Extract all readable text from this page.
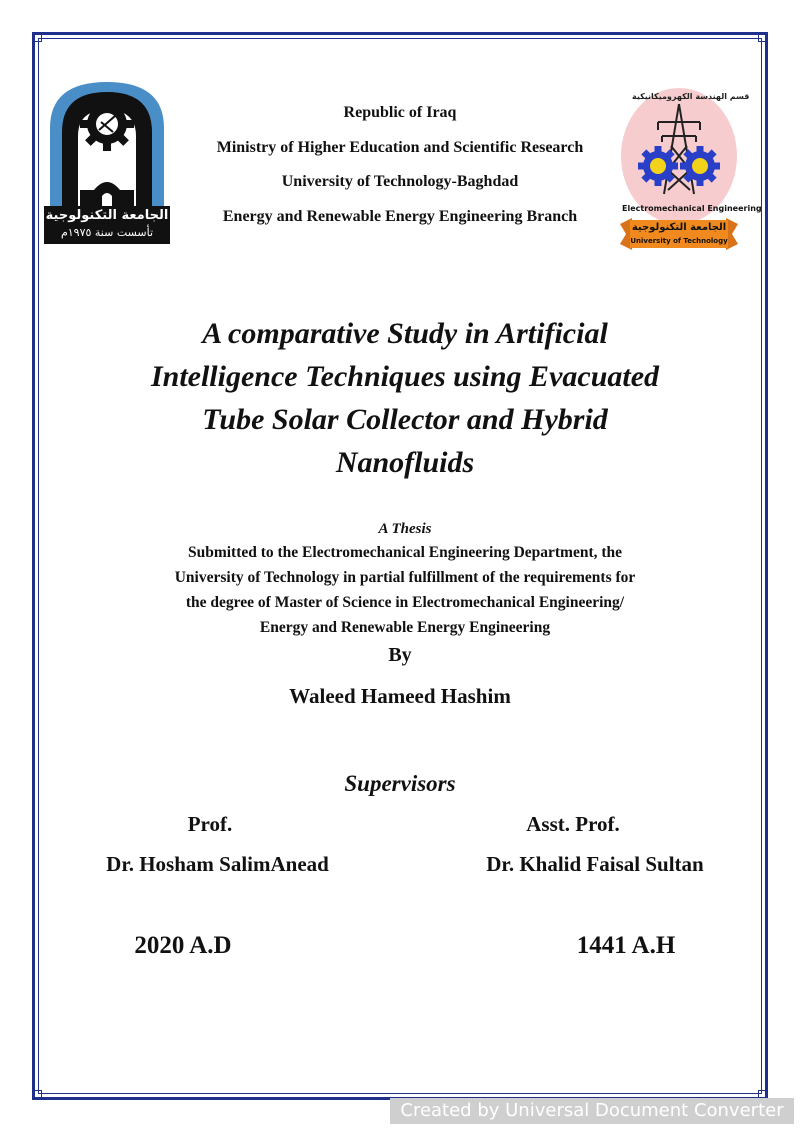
الجامعة التكنولوجية
تأسست سنة ١٩٧٥م
قسم الهندسة الكهروميكانيكية
Electromechanical Engineering
الجامعة التكنولوجية
University of Technology
Republic of Iraq
Ministry of Higher Education and Scientific Research
University of Technology-Baghdad
Energy and Renewable Energy Engineering Branch
A comparative Study in Artificial
Intelligence Techniques using Evacuated
Tube Solar Collector and Hybrid
Nanofluids
A Thesis
Submitted to the Electromechanical Engineering Department, the
University of Technology in partial fulfillment of the requirements for
the degree of Master of Science in Electromechanical Engineering/
Energy and Renewable Energy Engineering
By
Waleed Hameed Hashim
Supervisors
Prof.	Asst. Prof.
Dr. Hosham SalimAnead	Dr. Khalid Faisal Sultan
2020 A.D	1441 A.H
Created by Universal Document Converter
